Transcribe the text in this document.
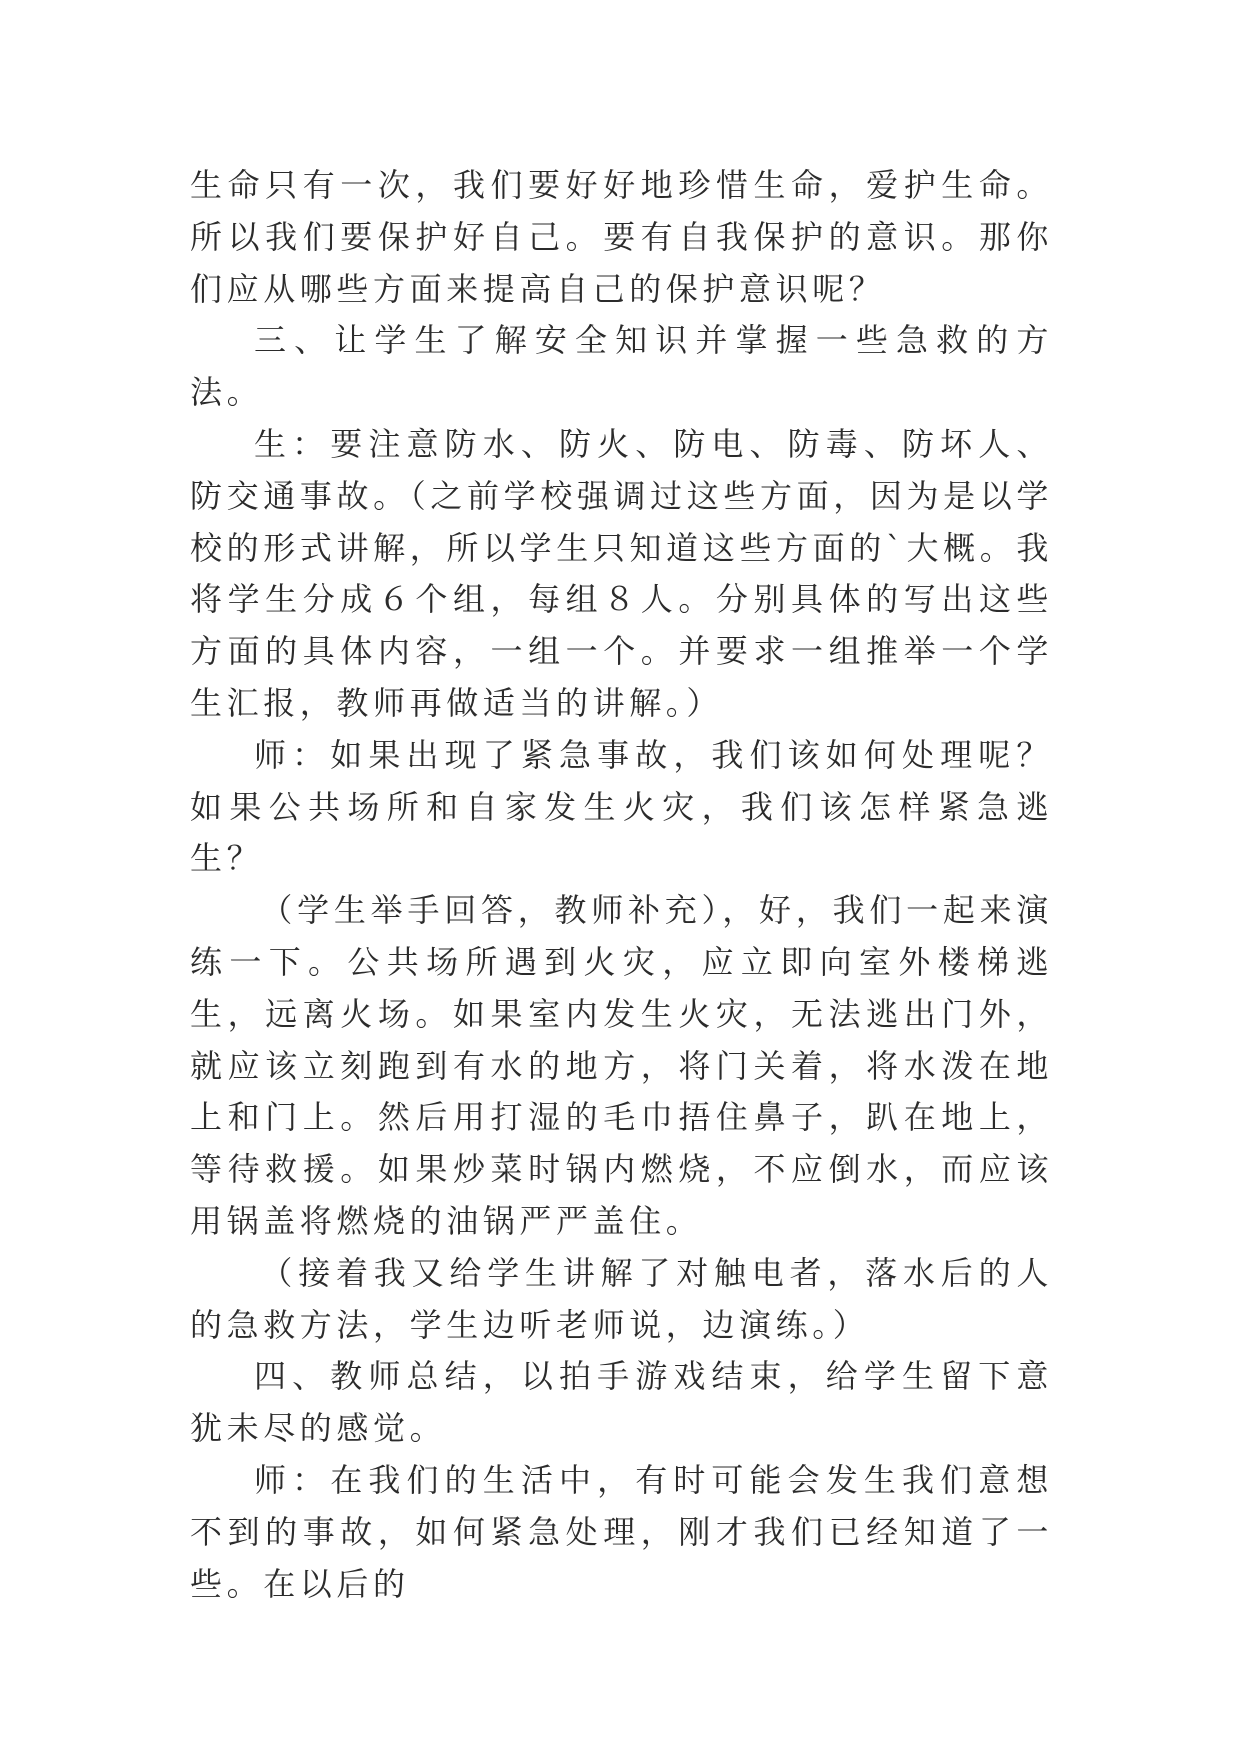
生命只有一次，我们要好好地珍惜生命，爱护生命。所以我们要保护好自己。要有自我保护的意识。那你们应从哪些方面来提高自己的保护意识呢？

三、让学生了解安全知识并掌握一些急救的方法。

生：要注意防水、防火、防电、防毒、防坏人、防交通事故。（之前学校强调过这些方面，因为是以学校的形式讲解，所以学生只知道这些方面的`大概。我将学生分成６个组，每组８人。分别具体的写出这些方面的具体内容，一组一个。并要求一组推举一个学生汇报，教师再做适当的讲解。）

师：如果出现了紧急事故，我们该如何处理呢？如果公共场所和自家发生火灾，我们该怎样紧急逃生？

（学生举手回答，教师补充），好，我们一起来演练一下。公共场所遇到火灾，应立即向室外楼梯逃生，远离火场。如果室内发生火灾，无法逃出门外，就应该立刻跑到有水的地方，将门关着，将水泼在地上和门上。然后用打湿的毛巾捂住鼻子，趴在地上，等待救援。如果炒菜时锅内燃烧，不应倒水，而应该用锅盖将燃烧的油锅严严盖住。

（接着我又给学生讲解了对触电者，落水后的人的急救方法，学生边听老师说，边演练。）

四、教师总结，以拍手游戏结束，给学生留下意犹未尽的感觉。

师：在我们的生活中，有时可能会发生我们意想不到的事故，如何紧急处理，刚才我们已经知道了一些。在以后的
